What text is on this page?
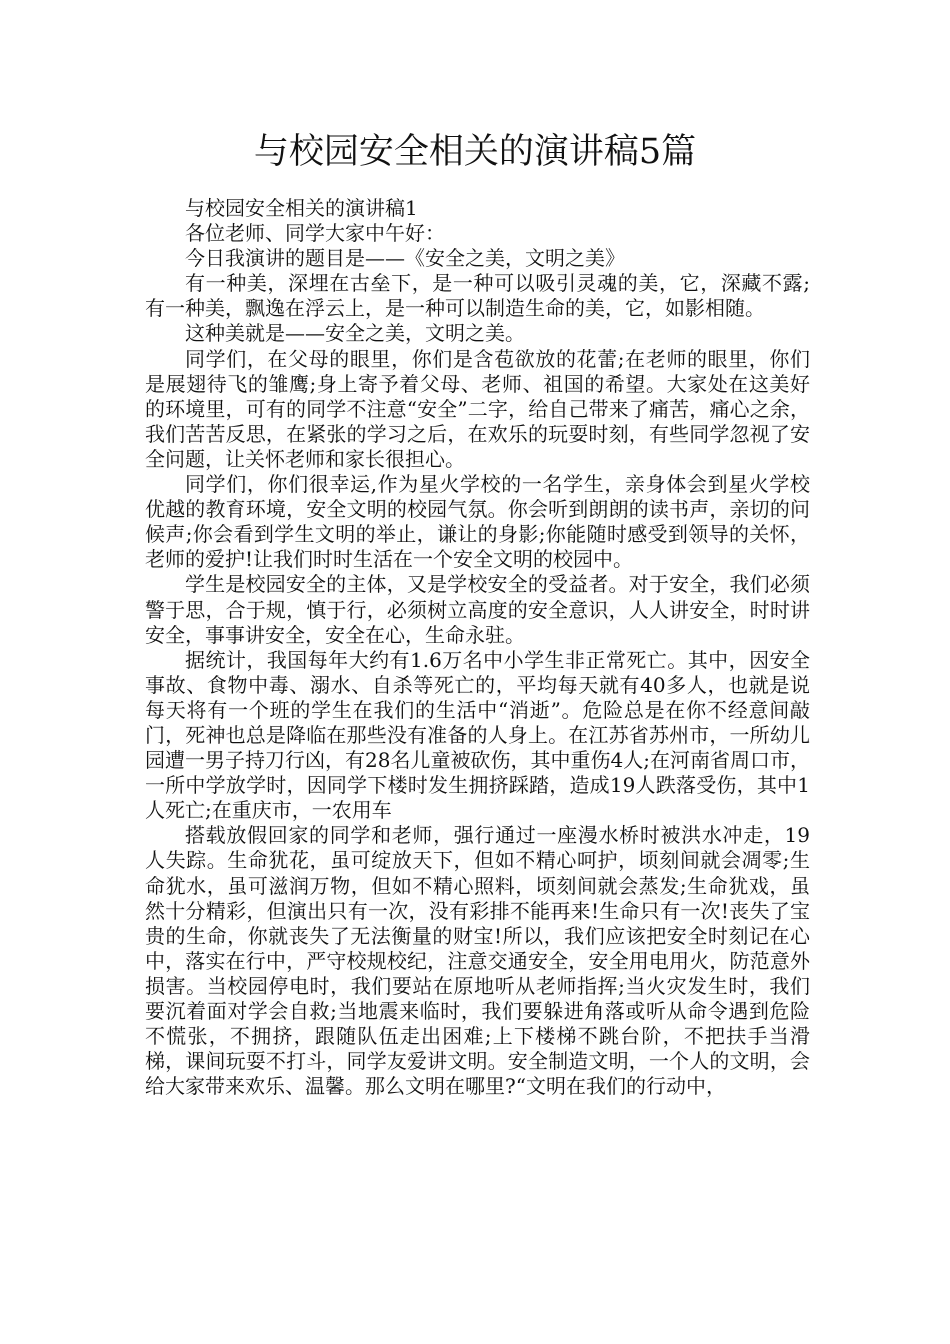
与校园安全相关的演讲稿5篇

与校园安全相关的演讲稿1

各位老师、同学大家中午好：

今日我演讲的题目是——《安全之美，文明之美》

有一种美，深埋在古垒下，是一种可以吸引灵魂的美，它，深藏不露;有一种美，飘逸在浮云上，是一种可以制造生命的美，它，如影相随。

这种美就是——安全之美，文明之美。

同学们，在父母的眼里，你们是含苞欲放的花蕾;在老师的眼里，你们是展翅待飞的雏鹰;身上寄予着父母、老师、祖国的希望。大家处在这美好的环境里，可有的同学不注意“安全”二字，给自己带来了痛苦，痛心之余，我们苦苦反思，在紧张的学习之后，在欢乐的玩耍时刻，有些同学忽视了安全问题，让关怀老师和家长很担心。

同学们，你们很幸运,作为星火学校的一名学生，亲身体会到星火学校优越的教育环境，安全文明的校园气氛。你会听到朗朗的读书声，亲切的问候声;你会看到学生文明的举止，谦让的身影;你能随时感受到领导的关怀，老师的爱护!让我们时时生活在一个安全文明的校园中。

学生是校园安全的主体，又是学校安全的受益者。对于安全，我们必须警于思，合于规，慎于行，必须树立高度的安全意识，人人讲安全，时时讲安全，事事讲安全，安全在心，生命永驻。

据统计，我国每年大约有1.6万名中小学生非正常死亡。其中，因安全事故、食物中毒、溺水、自杀等死亡的，平均每天就有40多人，也就是说每天将有一个班的学生在我们的生活中“消逝”。危险总是在你不经意间敲门，死神也总是降临在那些没有准备的人身上。在江苏省苏州市，一所幼儿园遭一男子持刀行凶，有28名儿童被砍伤，其中重伤4人;在河南省周口市，一所中学放学时，因同学下楼时发生拥挤踩踏，造成19人跌落受伤，其中1人死亡;在重庆市，一农用车

搭载放假回家的同学和老师，强行通过一座漫水桥时被洪水冲走，19人失踪。生命犹花，虽可绽放天下，但如不精心呵护，顷刻间就会凋零;生命犹水，虽可滋润万物，但如不精心照料，顷刻间就会蒸发;生命犹戏，虽然十分精彩，但演出只有一次，没有彩排不能再来!生命只有一次!丧失了宝贵的生命，你就丧失了无法衡量的财宝!所以，我们应该把安全时刻记在心中，落实在行中，严守校规校纪，注意交通安全，安全用电用火，防范意外损害。当校园停电时，我们要站在原地听从老师指挥;当火灾发生时，我们要沉着面对学会自救;当地震来临时，我们要躲进角落或听从命令遇到危险不慌张，不拥挤，跟随队伍走出困难;上下楼梯不跳台阶，不把扶手当滑梯，课间玩耍不打斗，同学友爱讲文明。安全制造文明，一个人的文明，会给大家带来欢乐、温馨。那么文明在哪里?“文明在我们的行动中，
